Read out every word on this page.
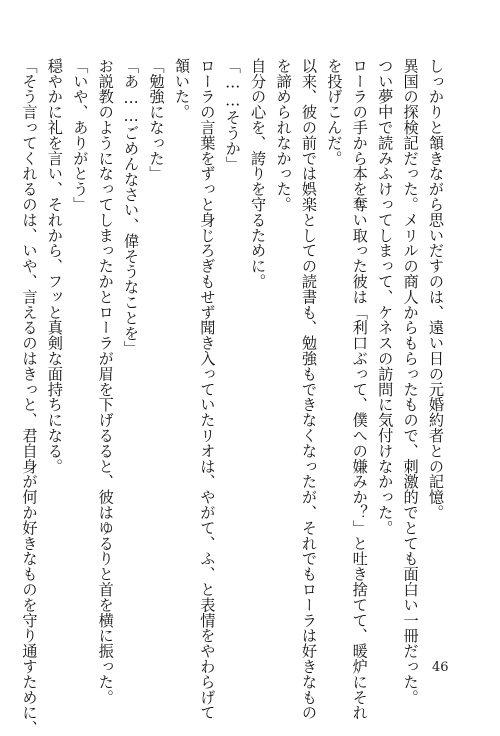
しっかりと頷きながら思いだすのは、遠い日の元婚約者との記憶。
異国の探検記だった。メリルの商人からもらったもので、刺激的でとても面白い一冊だった。
つい夢中で読みふけってしまって、ケネスの訪問に気付けなかった。
ローラの手から本を奪い取った彼は「利口ぶって、僕への嫌みか？」と吐き捨てて、暖炉にそれ
を投げこんだ。
以来、彼の前では娯楽としての読書も、勉強もできなくなったが、それでもローラは好きなもの
を諦められなかった。
自分の心を、誇りを守るために。
「……そうか」
ローラの言葉をずっと身じろぎもせず聞き入っていたリオは、やがて、ふ、と表情をやわらげて
頷いた。
「勉強になった」
「あ……ごめんなさい、偉そうなことを」
お説教のようになってしまったかとローラが眉を下げるると、彼はゆるりと首を横に振った。
「いや、ありがとう」
穏やかに礼を言い、それから、フッと真剣な面持ちになる。
「そう言ってくれるのは、いや、言えるのはきっと、君自身が何か好きなものを守り通すために、	46
